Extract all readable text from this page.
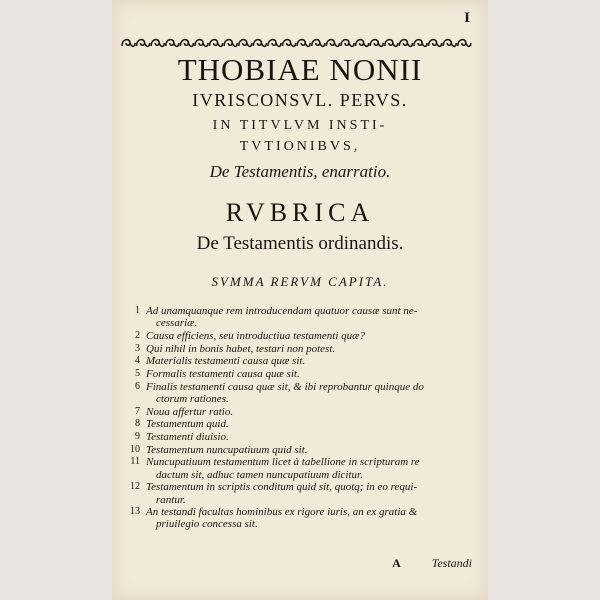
I
THOBIAE NONII
IVRISCONSVL. PERVS.
IN TITVLVM INSTI-
TVTIONIBVS,
De Testamentis, enarratio.
RVBRICA
De Testamentis ordinandis.
SVMMA RERVM CAPITA.
1 Ad unamquanque rem introducendam quatuor causæ sunt ne-
cessariæ.
2 Causa efficiens, seu introductiua testamenti quæ?
3 Qui nihil in bonis habet, testari non potest.
4 Materialis testamenti causa quæ sit.
5 Formalis testamenti causa quæ sit.
6 Finalis testamenti causa quæ sit, & ibi reprobantur quinque do
ctorum rationes.
7 Noua affertur ratio.
8 Testamentum quid.
9 Testamenti diuisio.
10 Testamentum nuncupatiuum quid sit.
11 Nuncupatiuum testamentum licet à tabellione in scripturam re
dactum sit, adhuc tamen nuncupatiuum dicitur.
12 Testamentum in scriptis conditum quid sit, quotq; in eo requi-
rantur.
13 An testandi facultas hominibus ex rigore iuris, an ex gratia &
priuilegio concessa sit.
A	Testandi
